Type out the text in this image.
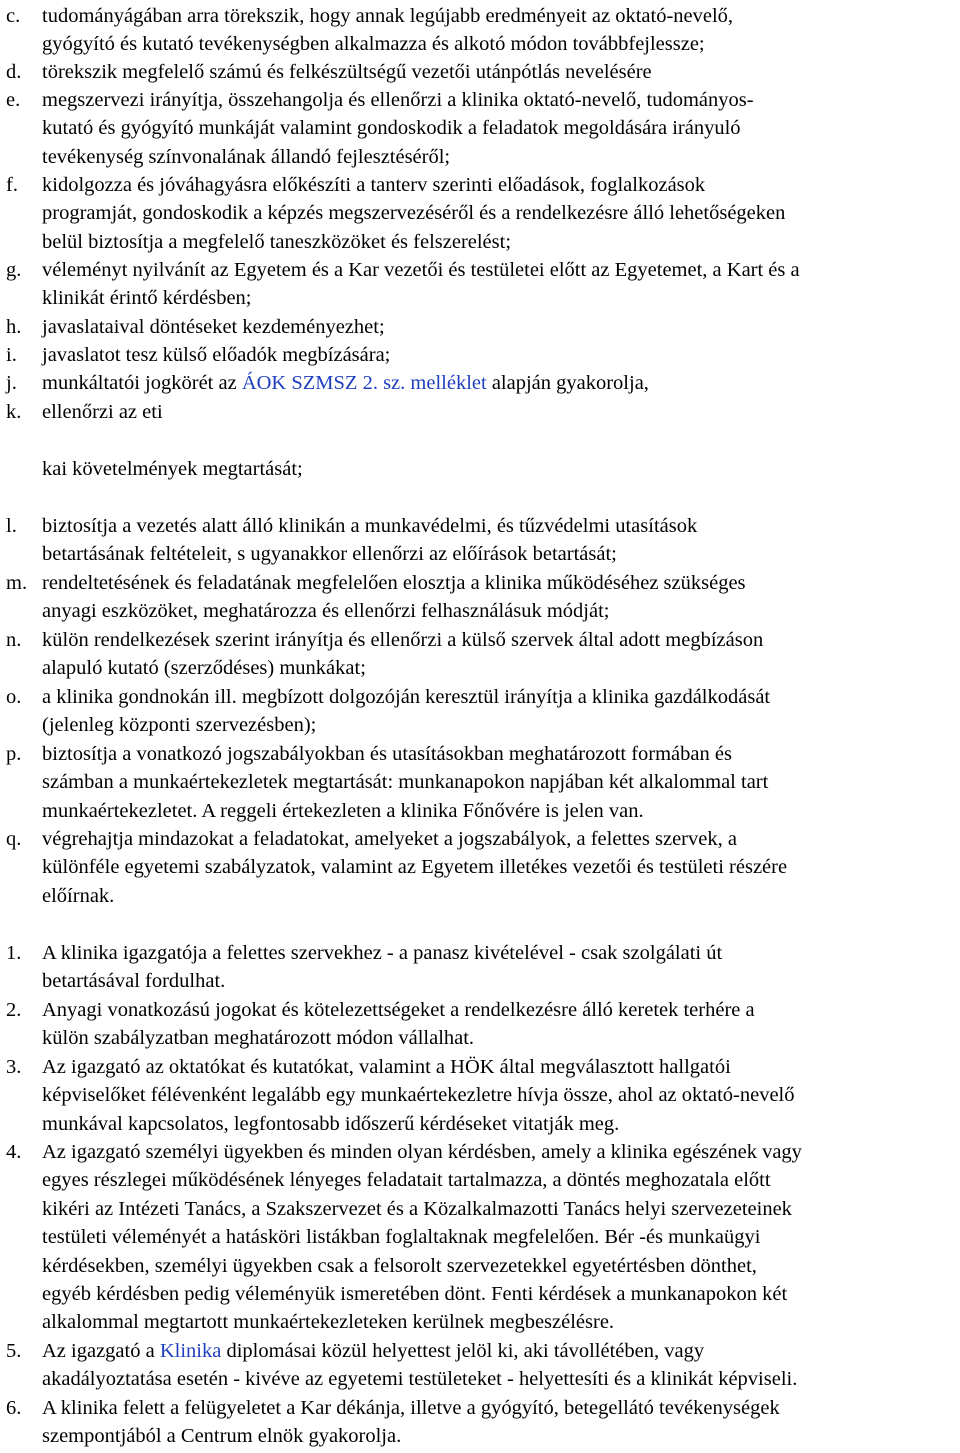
c. tudományágában arra törekszik, hogy annak legújabb eredményeit az oktató-nevelő,
gyógyító és kutató tevékenységben alkalmazza és alkotó módon továbbfejlessze;
d. törekszik megfelelő számú és felkészültségű vezetői utánpótlás nevelésére
e. megszervezi irányítja, összehangolja és ellenőrzi a klinika oktató-nevelő, tudományos-
kutató és gyógyító munkáját valamint gondoskodik a feladatok megoldására irányuló
tevékenység színvonalának állandó fejlesztéséről;
f. kidolgozza és jóváhagyásra előkészíti a tanterv szerinti előadások, foglalkozások
programját, gondoskodik a képzés megszervezéséről és a rendelkezésre álló lehetőségeken
belül biztosítja a megfelelő taneszközöket és felszerelést;
g. véleményt nyilvánít az Egyetem és a Kar vezetői és testületei előtt az Egyetemet, a Kart és a
klinikát érintő kérdésben;
h. javaslataival döntéseket kezdeményezhet;
i. javaslatot tesz külső előadók megbízására;
j. munkáltatói jogkörét az ÁOK SZMSZ 2. sz. melléklet alapján gyakorolja,
k. ellenőrzi az eti
kai követelmények megtartását;
l. biztosítja a vezetés alatt álló klinikán a munkavédelmi, és tűzvédelmi utasítások
betartásának feltételeit, s ugyanakkor ellenőrzi az előírások betartását;
m. rendeltetésének és feladatának megfelelően elosztja a klinika működéséhez szükséges
anyagi eszközöket, meghatározza és ellenőrzi felhasználásuk módját;
n. külön rendelkezések szerint irányítja és ellenőrzi a külső szervek által adott megbízáson
alapuló kutató (szerződéses) munkákat;
o. a klinika gondnokán ill. megbízott dolgozóján keresztül irányítja a klinika gazdálkodását
(jelenleg központi szervezésben);
p. biztosítja a vonatkozó jogszabályokban és utasításokban meghatározott formában és
számban a munkaértekezletek megtartását: munkanapokon napjában két alkalommal tart
munkaértekezletet. A reggeli értekezleten a klinika Főnővére is jelen van.
q. végrehajtja mindazokat a feladatokat, amelyeket a jogszabályok, a felettes szervek, a
különféle egyetemi szabályzatok, valamint az Egyetem illetékes vezetői és testületi részére
előírnak.
1. A klinika igazgatója a felettes szervekhez - a panasz kivételével - csak szolgálati út
betartásával fordulhat.
2. Anyagi vonatkozású jogokat és kötelezettségeket a rendelkezésre álló keretek terhére a
külön szabályzatban meghatározott módon vállalhat.
3. Az igazgató az oktatókat és kutatókat, valamint a HÖK által megválasztott hallgatói
képviselőket félévenként legalább egy munkaértekezletre hívja össze, ahol az oktató-nevelő
munkával kapcsolatos, legfontosabb időszerű kérdéseket vitatják meg.
4. Az igazgató személyi ügyekben és minden olyan kérdésben, amely a klinika egészének vagy
egyes részlegei működésének lényeges feladatait tartalmazza, a döntés meghozatala előtt
kikéri az Intézeti Tanács, a Szakszervezet és a Közalkalmazotti Tanács helyi szervezeteinek
testületi véleményét a hatásköri listákban foglaltaknak megfelelően. Bér -és munkaügyi
kérdésekben, személyi ügyekben csak a felsorolt szervezetekkel egyetértésben dönthet,
egyéb kérdésben pedig véleményük ismeretében dönt. Fenti kérdések a munkanapokon két
alkalommal megtartott munkaértekezleteken kerülnek megbeszélésre.
5. Az igazgató a Klinika diplomásai közül helyettest jelöl ki, aki távollétében, vagy
akadályoztatása esetén - kivéve az egyetemi testületeket - helyettesíti és a klinikát képviseli.
6. A klinika felett a felügyeletet a Kar dékánja, illetve a gyógyító, betegellátó tevékenységek
szempontjából a Centrum elnök gyakorolja.
